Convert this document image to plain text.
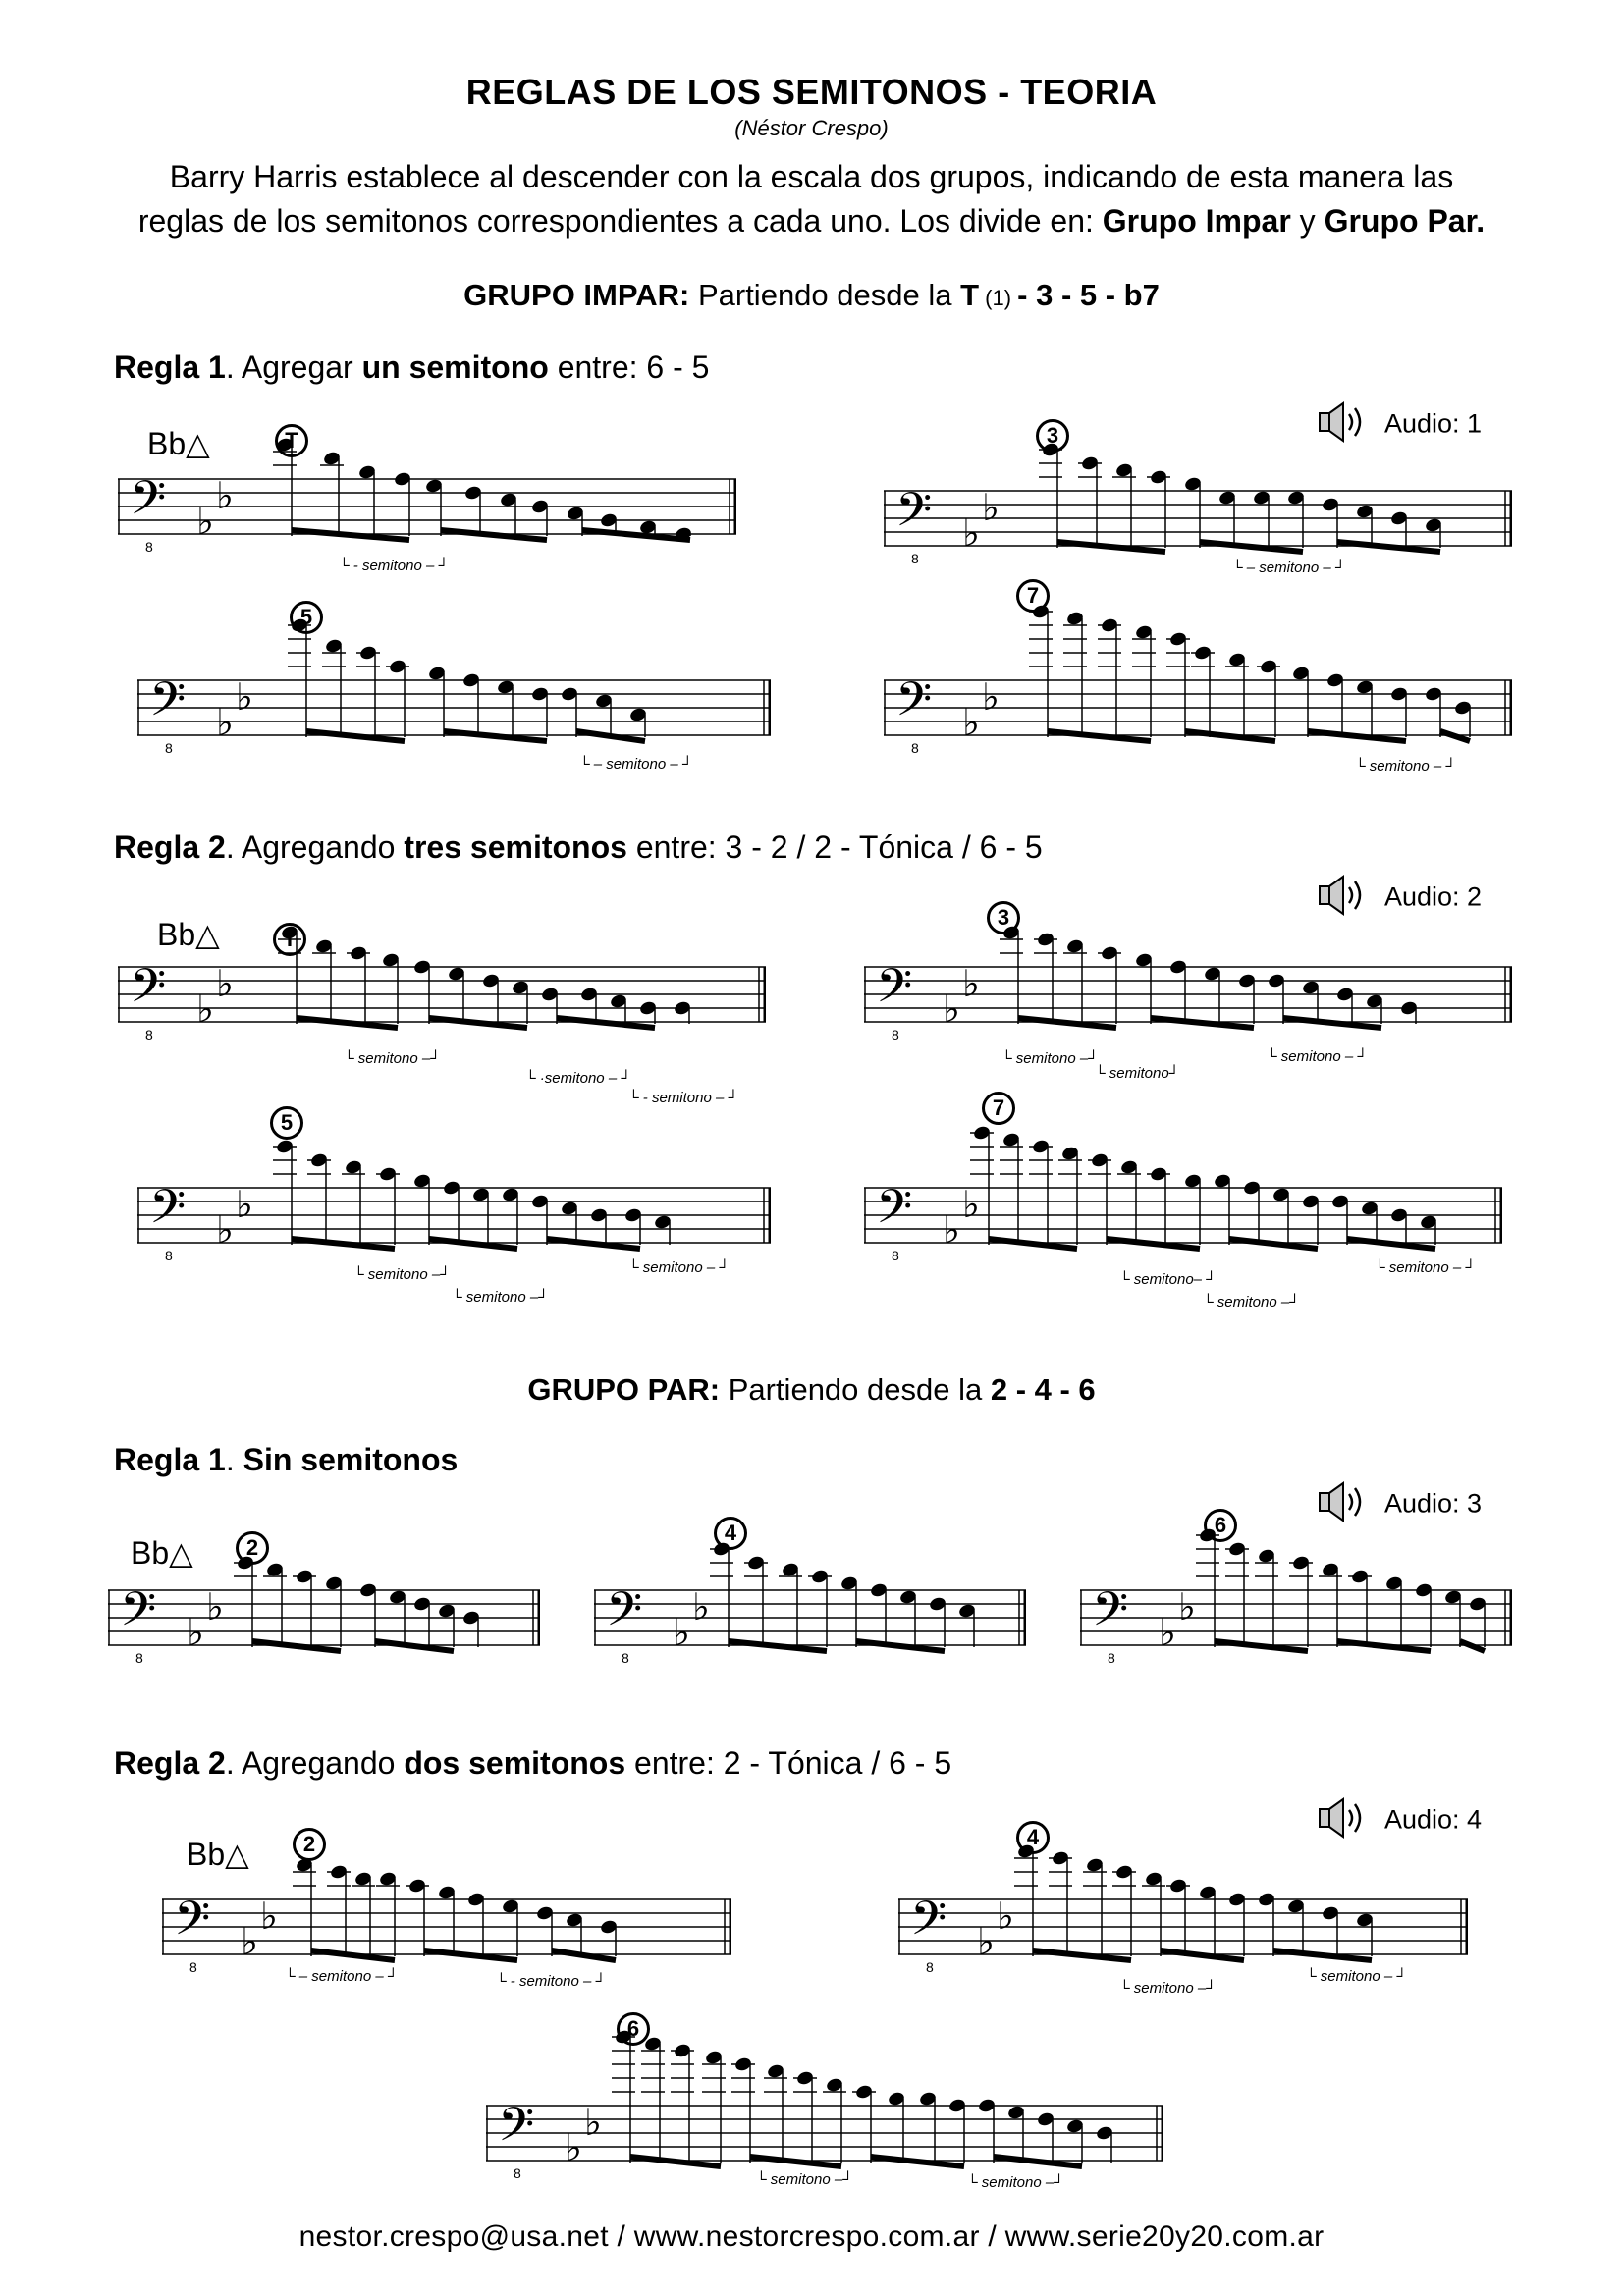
REGLAS DE LOS SEMITONOS - TEORIA
(Néstor Crespo)
Barry Harris establece al descender con la escala dos grupos, indicando de esta manera las
reglas de los semitonos correspondientes a cada uno. Los divide en: Grupo Impar y Grupo Par.
GRUPO IMPAR: Partiendo desde la T (1) - 3 - 5 - b7
Regla 1. Agregar un semitono entre: 6 - 5
Audio: 1
Regla 2. Agregando tres semitonos entre: 3 - 2 / 2 - Tónica / 6 - 5
Audio: 2
GRUPO PAR: Partiendo desde la 2 - 4 - 6
Regla 1. Sin semitonos
Audio: 3
Regla 2. Agregando dos semitonos entre: 2 - Tónica / 6 - 5
Audio: 4
Bb△
Bb△
Bb△
Bb△
𝄢
8
♭
♭
T
└ - semitono – ┘
𝄢
8
♭
♭
3
└ – semitono – ┘
𝄢
8
♭
♭
5
└ – semitono – ┘
𝄢
8
♭
♭
7
└ semitono – ┘
𝄢
8
♭
♭
T
└ semitono –┘
└ ·semitono – ┘
└ - semitono – ┘
𝄢
8
♭
♭
3
└ semitono –┘
└ semitono┘
└ semitono – ┘
𝄢
8
♭
♭
5
└ semitono –┘
└ semitono –┘
└ semitono – ┘
𝄢
8
♭
♭
7
└ semitono– ┘
└ semitono –┘
└ semitono – ┘
𝄢
8
♭
♭
2
𝄢
8
♭
♭
4
𝄢
8
♭
♭
6
𝄢
8
♭
♭
2
└ – semitono – ┘	└ - semitono – ┘
𝄢
8
♭
♭
4
└ semitono –┘
└ semitono – ┘
𝄢
8
♭
♭
6
└ semitono –┘	└ semitono –┘
nestor.crespo@usa.net / www.nestorcrespo.com.ar / www.serie20y20.com.ar
